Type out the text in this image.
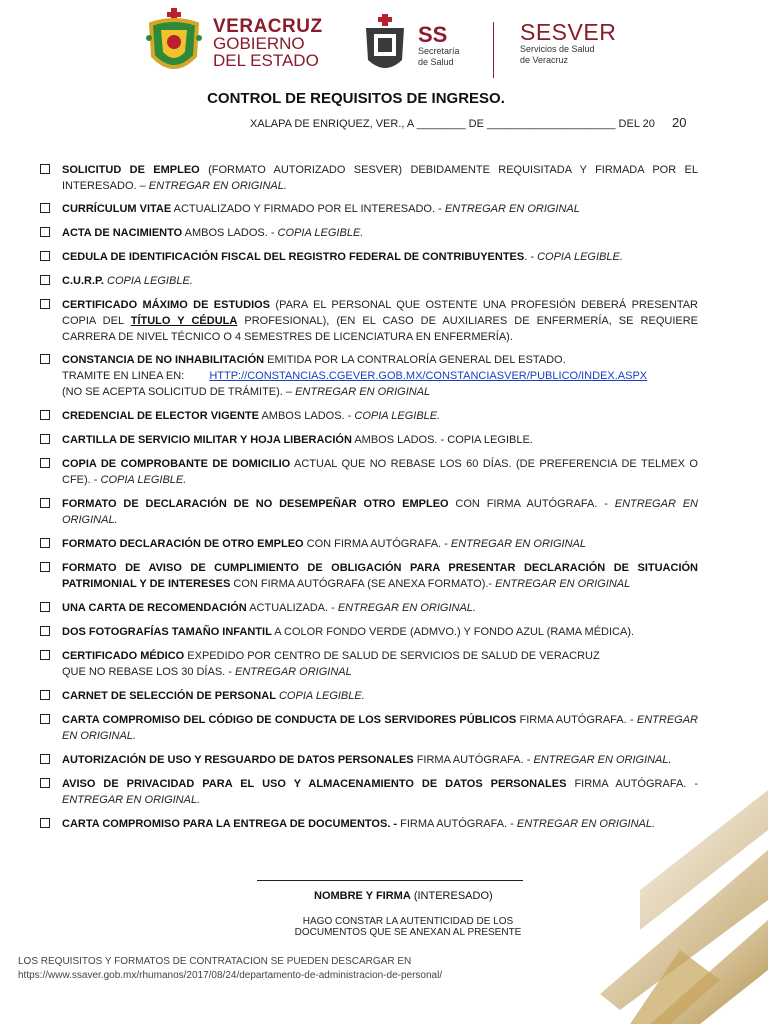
VERACRUZ
GOBIERNO
DEL ESTADO
SS
Secretaría
de Salud
SESVER
Servicios de Salud
de Veracruz
CONTROL DE REQUISITOS DE INGRESO.
XALAPA DE ENRIQUEZ, VER., A ________ DE _____________________ DEL 20 20
SOLICITUD DE EMPLEO (FORMATO AUTORIZADO SESVER) DEBIDAMENTE REQUISITADA Y FIRMADA POR EL INTERESADO. – ENTREGAR EN ORIGINAL.
CURRÍCULUM VITAE ACTUALIZADO Y FIRMADO POR EL INTERESADO. - ENTREGAR EN ORIGINAL
ACTA DE NACIMIENTO AMBOS LADOS. - COPIA LEGIBLE.
CEDULA DE IDENTIFICACIÓN FISCAL DEL REGISTRO FEDERAL DE CONTRIBUYENTES. - COPIA LEGIBLE.
C.U.R.P. COPIA LEGIBLE.
CERTIFICADO MÁXIMO DE ESTUDIOS (PARA EL PERSONAL QUE OSTENTE UNA PROFESIÓN DEBERÁ PRESENTAR COPIA DEL TÍTULO Y CÉDULA PROFESIONAL), (EN EL CASO DE AUXILIARES DE ENFERMERÍA, SE REQUIERE CARRERA DE NIVEL TÉCNICO O 4 SEMESTRES DE LICENCIATURA EN ENFERMERÍA).
CONSTANCIA DE NO INHABILITACIÓN EMITIDA POR LA CONTRALORÍA GENERAL DEL ESTADO.
TRAMITE EN LINEA EN: HTTP://CONSTANCIAS.CGEVER.GOB.MX/CONSTANCIASVER/PUBLICO/INDEX.ASPX
(NO SE ACEPTA SOLICITUD DE TRÁMITE). – ENTREGAR EN ORIGINAL
CREDENCIAL DE ELECTOR VIGENTE AMBOS LADOS. - COPIA LEGIBLE.
CARTILLA DE SERVICIO MILITAR Y HOJA LIBERACIÓN AMBOS LADOS. - COPIA LEGIBLE.
COPIA DE COMPROBANTE DE DOMICILIO ACTUAL QUE NO REBASE LOS 60 DÍAS. (DE PREFERENCIA DE TELMEX O CFE). - COPIA LEGIBLE.
FORMATO DE DECLARACIÓN DE NO DESEMPEÑAR OTRO EMPLEO CON FIRMA AUTÓGRAFA. - ENTREGAR EN ORIGINAL.
FORMATO DECLARACIÓN DE OTRO EMPLEO CON FIRMA AUTÓGRAFA. - ENTREGAR EN ORIGINAL
FORMATO DE AVISO DE CUMPLIMIENTO DE OBLIGACIÓN PARA PRESENTAR DECLARACIÓN DE SITUACIÓN PATRIMONIAL Y DE INTERESES CON FIRMA AUTÓGRAFA (SE ANEXA FORMATO).- ENTREGAR EN ORIGINAL
UNA CARTA DE RECOMENDACIÓN ACTUALIZADA. - ENTREGAR EN ORIGINAL.
DOS FOTOGRAFÍAS TAMAÑO INFANTIL A COLOR FONDO VERDE (ADMVO.) Y FONDO AZUL (RAMA MÉDICA).
CERTIFICADO MÉDICO EXPEDIDO POR CENTRO DE SALUD DE SERVICIOS DE SALUD DE VERACRUZ
QUE NO REBASE LOS 30 DÍAS. - ENTREGAR ORIGINAL
CARNET DE SELECCIÓN DE PERSONAL COPIA LEGIBLE.
CARTA COMPROMISO DEL CÓDIGO DE CONDUCTA DE LOS SERVIDORES PÚBLICOS FIRMA AUTÓGRAFA. - ENTREGAR EN ORIGINAL.
AUTORIZACIÓN DE USO Y RESGUARDO DE DATOS PERSONALES FIRMA AUTÓGRAFA. - ENTREGAR EN ORIGINAL.
AVISO DE PRIVACIDAD PARA EL USO Y ALMACENAMIENTO DE DATOS PERSONALES FIRMA AUTÓGRAFA. - ENTREGAR EN ORIGINAL.
CARTA COMPROMISO PARA LA ENTREGA DE DOCUMENTOS. - FIRMA AUTÓGRAFA. - ENTREGAR EN ORIGINAL.
NOMBRE Y FIRMA (INTERESADO)
HAGO CONSTAR LA AUTENTICIDAD DE LOS DOCUMENTOS QUE SE ANEXAN AL PRESENTE
LOS REQUISITOS Y FORMATOS DE CONTRATACION SE PUEDEN DESCARGAR EN
https://www.ssaver.gob.mx/rhumanos/2017/08/24/departamento-de-administracion-de-personal/
